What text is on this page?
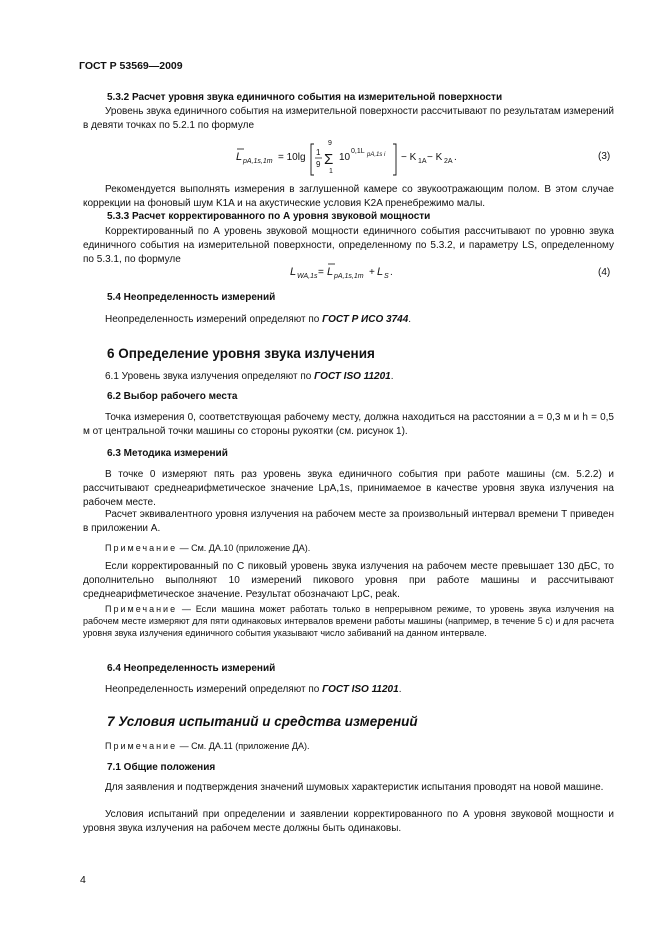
ГОСТ Р 53569—2009
5.3.2 Расчет уровня звука единичного события на измерительной поверхности
Уровень звука единичного события на измерительной поверхности рассчитывают по результатам измерений в девяти точках по 5.2.1 по формуле
L pA,1s,1m = 10lg 1
9
9
Σ
1
10
0,1L pA,1s i − K 1A − K 2A .	(3)
Рекомендуется выполнять измерения в заглушенной камере со звукоотражающим полом. В этом случае коррекции на фоновый шум K1A и на акустические условия K2A пренебрежимо малы.
5.3.3 Расчет корректированного по А уровня звуковой мощности
Корректированный по А уровень звуковой мощности единичного события рассчитывают по уровню звука единичного события на измерительной поверхности, определенному по 5.3.2, и параметру LS, определенному по 5.3.1, по формуле
L WA,1s = L pA,1s,1m + L S .	(4)
5.4 Неопределенность измерений
Неопределенность измерений определяют по ГОСТ Р ИСО 3744.
6 Определение уровня звука излучения
6.1 Уровень звука излучения определяют по ГОСТ ISO 11201.
6.2 Выбор рабочего места
Точка измерения 0, соответствующая рабочему месту, должна находиться на расстоянии a = 0,3 м и h = 0,5 м от центральной точки машины со стороны рукоятки (см. рисунок 1).
6.3 Методика измерений
В точке 0 измеряют пять раз уровень звука единичного события при работе машины (см. 5.2.2) и рассчитывают среднеарифметическое значение LpA,1s, принимаемое в качестве уровня звука излучения на рабочем месте.
Расчет эквивалентного уровня излучения на рабочем месте за произвольный интервал времени T приведен в приложении А.
Примечание — См. ДА.10 (приложение ДА).
Если корректированный по C пиковый уровень звука излучения на рабочем месте превышает 130 дБC, то дополнительно выполняют 10 измерений пикового уровня при работе машины и рассчитывают среднеарифметическое значение. Результат обозначают LpC, peak.
Примечание — Если машина может работать только в непрерывном режиме, то уровень звука излучения на рабочем месте измеряют для пяти одинаковых интервалов времени работы машины (например, в течение 5 с) и для расчета уровня звука излучения единичного события указывают число забиваний на данном интервале.
6.4 Неопределенность измерений
Неопределенность измерений определяют по ГОСТ ISO 11201.
7 Условия испытаний и средства измерений
Примечание — См. ДА.11 (приложение ДА).
7.1 Общие положения
Для заявления и подтверждения значений шумовых характеристик испытания проводят на новой машине.
Условия испытаний при определении и заявлении корректированного по А уровня звуковой мощности и уровня звука излучения на рабочем месте должны быть одинаковы.
4
